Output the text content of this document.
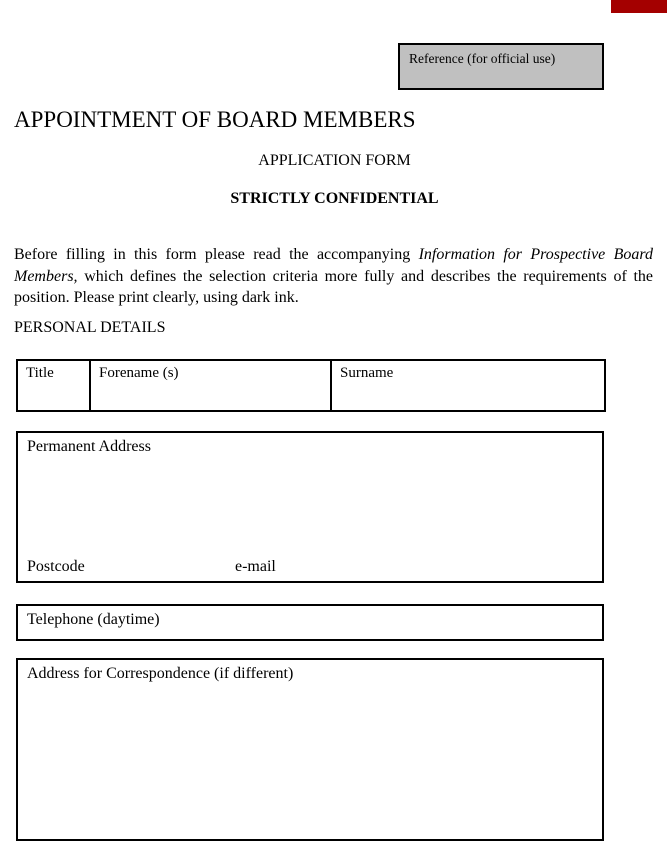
Reference (for official use)
APPOINTMENT OF BOARD MEMBERS
APPLICATION FORM
STRICTLY CONFIDENTIAL
Before filling in this form please read the accompanying Information for Prospective Board
Members, which defines the selection criteria more fully and describes the requirements of the
position. Please print clearly, using dark ink.
PERSONAL DETAILS
Title	Forename (s)	Surname
Permanent Address
Postcode	e-mail
Telephone (daytime)
Address for Correspondence (if different)
